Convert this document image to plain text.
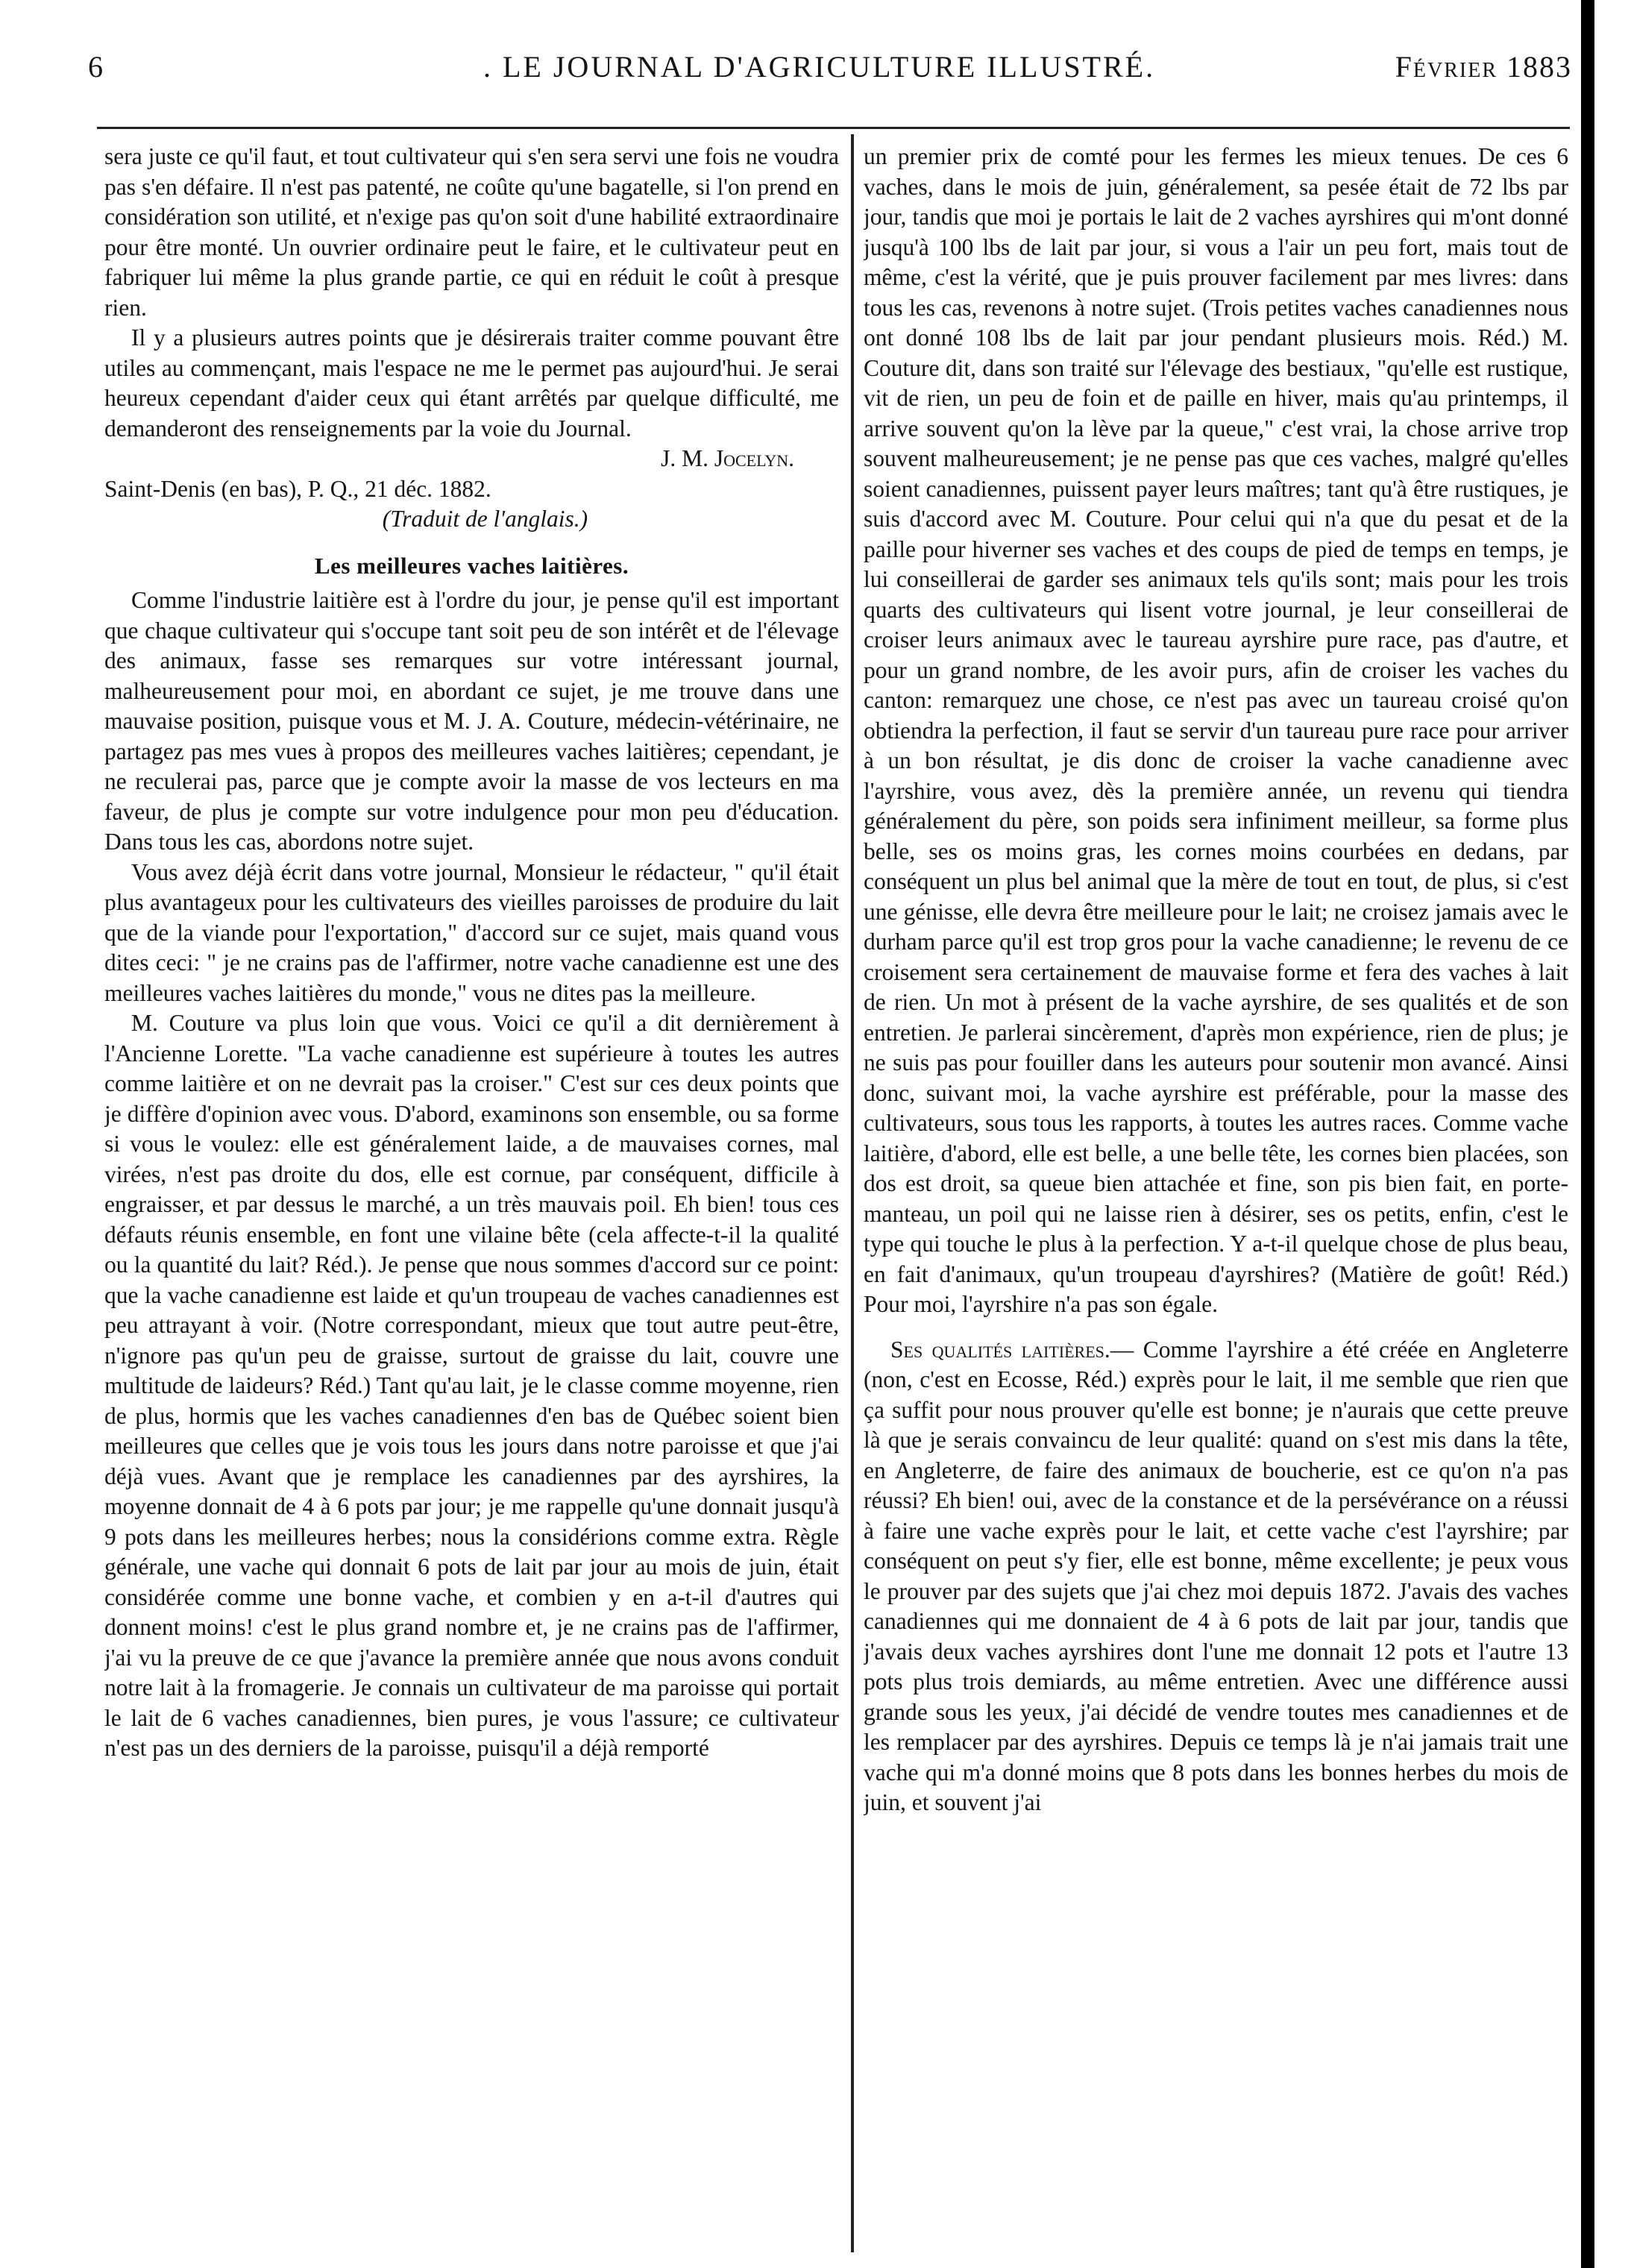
6	. LE JOURNAL D'AGRICULTURE ILLUSTRÉ.	Février 1883

sera juste ce qu'il faut, et tout cultivateur qui s'en sera servi une fois ne voudra pas s'en défaire. Il n'est pas patenté, ne coûte qu'une bagatelle, si l'on prend en considération son utilité, et n'exige pas qu'on soit d'une habilité extraordinaire pour être monté. Un ouvrier ordinaire peut le faire, et le cultivateur peut en fabriquer lui même la plus grande partie, ce qui en réduit le coût à presque rien.

Il y a plusieurs autres points que je désirerais traiter comme pouvant être utiles au commençant, mais l'espace ne me le permet pas aujourd'hui. Je serai heureux cependant d'aider ceux qui étant arrêtés par quelque difficulté, me demanderont des renseignements par la voie du Journal.

J. M. Jocelyn.

Saint-Denis (en bas), P. Q., 21 déc. 1882.

(Traduit de l'anglais.)

Les meilleures vaches laitières.

Comme l'industrie laitière est à l'ordre du jour, je pense qu'il est important que chaque cultivateur qui s'occupe tant soit peu de son intérêt et de l'élevage des animaux, fasse ses remarques sur votre intéressant journal, malheureusement pour moi, en abordant ce sujet, je me trouve dans une mauvaise position, puisque vous et M. J. A. Couture, médecin-vétérinaire, ne partagez pas mes vues à propos des meilleures vaches laitières; cependant, je ne reculerai pas, parce que je compte avoir la masse de vos lecteurs en ma faveur, de plus je compte sur votre indulgence pour mon peu d'éducation. Dans tous les cas, abordons notre sujet.

Vous avez déjà écrit dans votre journal, Monsieur le rédacteur, " qu'il était plus avantageux pour les cultivateurs des vieilles paroisses de produire du lait que de la viande pour l'exportation," d'accord sur ce sujet, mais quand vous dites ceci: " je ne crains pas de l'affirmer, notre vache canadienne est une des meilleures vaches laitières du monde," vous ne dites pas la meilleure.

M. Couture va plus loin que vous. Voici ce qu'il a dit dernièrement à l'Ancienne Lorette. "La vache canadienne est supérieure à toutes les autres comme laitière et on ne devrait pas la croiser." C'est sur ces deux points que je diffère d'opinion avec vous. D'abord, examinons son ensemble, ou sa forme si vous le voulez: elle est généralement laide, a de mauvaises cornes, mal virées, n'est pas droite du dos, elle est cornue, par conséquent, difficile à engraisser, et par dessus le marché, a un très mauvais poil. Eh bien! tous ces défauts réunis ensemble, en font une vilaine bête (cela affecte-t-il la qualité ou la quantité du lait? Réd.). Je pense que nous sommes d'accord sur ce point: que la vache canadienne est laide et qu'un troupeau de vaches canadiennes est peu attrayant à voir. (Notre correspondant, mieux que tout autre peut-être, n'ignore pas qu'un peu de graisse, surtout de graisse du lait, couvre une multitude de laideurs? Réd.) Tant qu'au lait, je le classe comme moyenne, rien de plus, hormis que les vaches canadiennes d'en bas de Québec soient bien meilleures que celles que je vois tous les jours dans notre paroisse et que j'ai déjà vues. Avant que je remplace les canadiennes par des ayrshires, la moyenne donnait de 4 à 6 pots par jour; je me rappelle qu'une donnait jusqu'à 9 pots dans les meilleures herbes; nous la considérions comme extra. Règle générale, une vache qui donnait 6 pots de lait par jour au mois de juin, était considérée comme une bonne vache, et combien y en a-t-il d'autres qui donnent moins! c'est le plus grand nombre et, je ne crains pas de l'affirmer, j'ai vu la preuve de ce que j'avance la première année que nous avons conduit notre lait à la fromagerie. Je connais un cultivateur de ma paroisse qui portait le lait de 6 vaches canadiennes, bien pures, je vous l'assure; ce cultivateur n'est pas un des derniers de la paroisse, puisqu'il a déjà remporté

un premier prix de comté pour les fermes les mieux tenues. De ces 6 vaches, dans le mois de juin, généralement, sa pesée était de 72 lbs par jour, tandis que moi je portais le lait de 2 vaches ayrshires qui m'ont donné jusqu'à 100 lbs de lait par jour, si vous a l'air un peu fort, mais tout de même, c'est la vérité, que je puis prouver facilement par mes livres: dans tous les cas, revenons à notre sujet. (Trois petites vaches canadiennes nous ont donné 108 lbs de lait par jour pendant plusieurs mois. Réd.) M. Couture dit, dans son traité sur l'élevage des bestiaux, "qu'elle est rustique, vit de rien, un peu de foin et de paille en hiver, mais qu'au printemps, il arrive souvent qu'on la lève par la queue," c'est vrai, la chose arrive trop souvent malheureusement; je ne pense pas que ces vaches, malgré qu'elles soient canadiennes, puissent payer leurs maîtres; tant qu'à être rustiques, je suis d'accord avec M. Couture. Pour celui qui n'a que du pesat et de la paille pour hiverner ses vaches et des coups de pied de temps en temps, je lui conseillerai de garder ses animaux tels qu'ils sont; mais pour les trois quarts des cultivateurs qui lisent votre journal, je leur conseillerai de croiser leurs animaux avec le taureau ayrshire pure race, pas d'autre, et pour un grand nombre, de les avoir purs, afin de croiser les vaches du canton: remarquez une chose, ce n'est pas avec un taureau croisé qu'on obtiendra la perfection, il faut se servir d'un taureau pure race pour arriver à un bon résultat, je dis donc de croiser la vache canadienne avec l'ayrshire, vous avez, dès la première année, un revenu qui tiendra généralement du père, son poids sera infiniment meilleur, sa forme plus belle, ses os moins gras, les cornes moins courbées en dedans, par conséquent un plus bel animal que la mère de tout en tout, de plus, si c'est une génisse, elle devra être meilleure pour le lait; ne croisez jamais avec le durham parce qu'il est trop gros pour la vache canadienne; le revenu de ce croisement sera certainement de mauvaise forme et fera des vaches à lait de rien. Un mot à présent de la vache ayrshire, de ses qualités et de son entretien. Je parlerai sincèrement, d'après mon expérience, rien de plus; je ne suis pas pour fouiller dans les auteurs pour soutenir mon avancé. Ainsi donc, suivant moi, la vache ayrshire est préférable, pour la masse des cultivateurs, sous tous les rapports, à toutes les autres races. Comme vache laitière, d'abord, elle est belle, a une belle tête, les cornes bien placées, son dos est droit, sa queue bien attachée et fine, son pis bien fait, en porte-manteau, un poil qui ne laisse rien à désirer, ses os petits, enfin, c'est le type qui touche le plus à la perfection. Y a-t-il quelque chose de plus beau, en fait d'animaux, qu'un troupeau d'ayrshires? (Matière de goût! Réd.) Pour moi, l'ayrshire n'a pas son égale.

Ses qualités laitières.— Comme l'ayrshire a été créée en Angleterre (non, c'est en Ecosse, Réd.) exprès pour le lait, il me semble que rien que ça suffit pour nous prouver qu'elle est bonne; je n'aurais que cette preuve là que je serais convaincu de leur qualité: quand on s'est mis dans la tête, en Angleterre, de faire des animaux de boucherie, est ce qu'on n'a pas réussi? Eh bien! oui, avec de la constance et de la persévérance on a réussi à faire une vache exprès pour le lait, et cette vache c'est l'ayrshire; par conséquent on peut s'y fier, elle est bonne, même excellente; je peux vous le prouver par des sujets que j'ai chez moi depuis 1872. J'avais des vaches canadiennes qui me donnaient de 4 à 6 pots de lait par jour, tandis que j'avais deux vaches ayrshires dont l'une me donnait 12 pots et l'autre 13 pots plus trois demiards, au même entretien. Avec une différence aussi grande sous les yeux, j'ai décidé de vendre toutes mes canadiennes et de les remplacer par des ayrshires. Depuis ce temps là je n'ai jamais trait une vache qui m'a donné moins que 8 pots dans les bonnes herbes du mois de juin, et souvent j'ai
